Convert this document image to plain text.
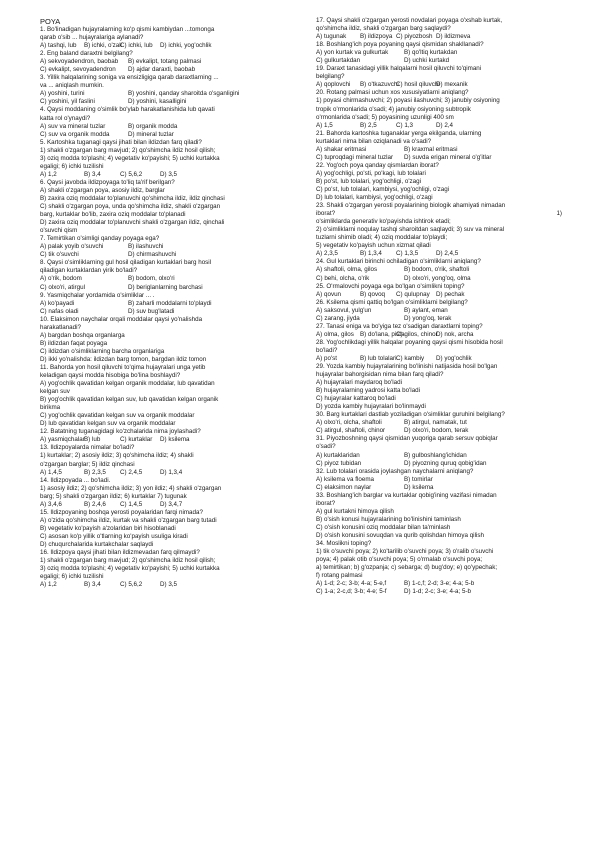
POYA
1. Bo'linadigan hujayralarning ko'p qismi kambiydan ...tomonga
qarab o'sib ... hujayralariga aylanadi?
A) tashqi, lub	B) ichki, o'zak
C) ichki, lub	D) ichki, yog'ochlik
2. Eng baland daraxtni belgilang?
A) sekvoyadendron, baobab	B) evkalipt, totang palmasi
C) evkalipt, sevoyadendron	D) ajdar daraxti, baobab
3. Yillik halqalarining soniga va ensizligiga qarab daraxtlarning ...
va ... aniqlash mumkin.
A) yoshini, turini	B) yoshini, qanday sharoitda o'sganligini
C) yoshini, yil faslini	D) yoshini, kasalligini
4. Qaysi moddaning o'simlik bo'ylab harakatlanishida lub qavati
katta rol o'ynaydi?
A) suv va mineral tuzlar	B) organik modda
C) suv va organik modda	D) mineral tuzlar
5. Kartoshka tuganagi qaysi jihati bilan ildizdan farq qiladi?
1) shakli o'zgargan barg mavjud; 2) qo'shimcha ildiz hosil qilish;
3) oziq modda to'plashi; 4) vegetativ ko'payishi; 5) uchki kurtakka
egaligi; 6) ichki tuzilishi
A) 1,2	B) 3,4	C) 5,6,2	D) 3,5
6. Qaysi javobda ildizpoyaga to'liq ta'rif berilgan?
A) shakli o'zgargan poya, asosiy ildiz, barglar
B) zaxira oziq moddalar to'planuvchi qo'shimcha ildiz, ildiz qinchasi
C) shakli o'zgargan poya, unda qo'shimcha ildiz, shakli o'zgargan
barg, kurtaklar bo'lib, zaxira oziq moddalar to'planadi
D) zaxira oziq moddalar to'planuvchi shakli o'zgargan ildiz, qinchali
o'suvchi qism
7. Temirtikan o'simligi qanday poyaga ega?
A) palak yoyib o'suvchi	B) ilashuvchi
C) tik o'suvchi	D) chirmashuvchi
8. Qaysi o'simliklarning gul hosil qiladigan kurtaklari barg hosil
qiladigan kurtaklardan yirik bo'ladi?
A) o'rik, bodom	B) bodom, olxo'ri
C) olxo'ri, atirgul	D) beriglanlarning barchasi
9. Yasmiqchalar yordamida o'simliklar ... .
A) ko'payadi	B) zaharli moddalarni to'playdi
C) nafas oladi	D) suv bug'latadi
10. Elaksimon naychalar orqali moddalar qaysi yo'nalishda
harakatlanadi?
A) bargdan boshqa organlarga
B) ildizdan faqat poyaga
C) ildizdan o'simliklarning barcha organlariga
D) ikki yo'nalishda: ildizdan barg tomon, bargdan ildiz tomon
11. Bahorda yon hosil qiluvchi to'qima hujayralari unga yetib
keladigan qaysi modda hisobiga bo'lina boshlaydi?
A) yog'ochlik qavatidan kelgan organik moddalar, lub qavatidan
kelgan suv
B) yog'ochlik qavatidan kelgan suv, lub qavatidan kelgan organik
birikma
C) yog'ochlik qavatidan kelgan suv va organik moddalar
D) lub qavatidan kelgan suv va organik moddalar
12. Batatning tuganagidagi ko'zchalarida nima joylashadi?
A) yasmiqchalar B) lub	C) kurtaklar	D) ksilema
13. Ildizpoyalarda nimalar bo'ladi?
1) kurtaklar; 2) asosiy ildiz; 3) qo'shimcha ildiz; 4) shakli
o'zgargan barglar; 5) ildiz qinchasi
A) 1,4,5	B) 2,3,5	C) 2,4,5	D) 1,3,4
14. Ildizpoyada ... bo'ladi.
1) asosiy ildiz; 2) qo'shimcha ildiz; 3) yon ildiz; 4) shakli o'zgargan
barg; 5) shakli o'zgargan ildiz; 6) kurtaklar 7) tugunak
A) 3,4,6	B) 2,4,6	C) 1,4,5	D) 3,4,7
15. Ildizpoyaning boshqa yerosti poyalaridan farqi nimada?
A) o'zida qo'shimcha ildiz, kurtak va shakli o'zgargan barg tutadi
B) vegetativ ko'payish a'zolaridan biri hisoblanadi
C) asosan ko'p yillik o'tlarning ko'payish usuliga kiradi
D) chuqurchalarida kurtakchalar saqlaydi
16. Ildizpoya qaysi jihati bilan ildizmevadan farq qilmaydi?
1) shakli o'zgargan barg mavjud; 2) qo'shimcha ildiz hosil qilish;
3) oziq modda to'plashi; 4) vegetativ ko'payishi; 5) uchki kurtakka
egaligi; 6) ichki tuzilishi
A) 1,2	B) 3,4	C) 5,6,2	D) 3,5
17. Qaysi shakli o'zgargan yerosti novdalari poyaga o'xshab kurtak,
qo'shimcha ildiz, shakli o'zgargan barg saqlaydi?
A) tugunak	B) ildizpoya C) piyozbosh D) ildizmeva
18. Boshlang'ich poya poyaning qaysi qismidan shakllanadi?
A) yon kurtak va gulkurtak	B) qo'ltiq kurtakdan
C) gulkurtakdan	D) uchki kurtakd
19. Daraxt tanasidagi yillik halqalarni hosil qiluvchi to'qimani
belgilang?
A) qoplovchi	B) o'tkazuvchi
C) hosil qiluvchi
D) mexanik
20. Rotang palmasi uchun xos xususiyatlarni aniqlang?
1) poyasi chirmashuvchi; 2) poyasi ilashuvchi; 3) janubiy osiyoning
tropik o'rmonlarida o'sadi; 4) janubiy osiyoning subtropik
o'rmonlarida o'sadi; 5) poyasining uzunligi 400 sm
A) 1,5	B) 2,5	C) 1,3	D) 2,4
21. Bahorda kartoshka tuganaklar yerga ekilganda, ularning
kurtaklari nima bilan oziqlanadi va o'sadi?
A) shakar eritmasi	B) kraxmal eritmasi
C) tuproqdagi mineral tuzlar	D) suvda erigan mineral o'g'itlar
22. Yog'och poya qanday qismlardan iborat?
A) yog'ochligi, po'sti, po'kagi, lub tolalari
B) po'st, lub tolalari, yog'ochligi, o'zagi
C) po'st, lub tolalari, kambiysi, yog'ochligi, o'zagi
D) lub tolalari, kambiysi, yog'ochligi, o'zagi
23. Shakli o'zgargan yerosti poyalarining biologik ahamiyati nimadan
iborat?	1)
o'simliklarda generativ ko'payishda ishtirok etadi;
2) o'simliklarni noqulay tashqi sharoitdan saqlaydi; 3) suv va mineral
tuzlarni shimib oladi; 4) oziq moddalar to'playdi;
5) vegetativ ko'payish uchun xizmat qiladi
A) 2,3,5	B) 1,3,4	C) 1,3,5	D) 2,4,5
24. Gul kurtaklari birinchi ochiladigan o'simliklarni aniqlang?
A) shaftoli, olma, gilos	B) bodom, o'rik, shaftoli
C) behi, olcha, o'rik	D) olxo'ri, yong'oq, olma
25. O'rmalovchi poyaga ega bo'lgan o'simlikni toping?
A) qovun	B) qovoq	C) qulupnay	D) pechak
26. Ksilema qismi qattiq bo'lgan o'simliklarni belgilang?
A) saksovul, yulg'un	B) aylant, eman
C) zarang, jiyda	D) yong'oq, terak
27. Tanasi eniga va bo'yiga tez o'sadigan daraxtlarni toping?
A) olma, gilos B) do'lana, pista
C) gilos, chinor
D) nok, archa
28. Yog'ochlikdagi yillik halqalar poyaning qaysi qismi hisobida hosil
bo'ladi?
A) po'st	B) lub tolalari C) kambiy	D) yog'ochlik
29. Yozda kambiy hujayralarining bo'linishi natijasida hosil bo'lgan
hujayralar bahorgisidan nima bilan farq qiladi?
A) hujayralari maydaroq bo'ladi
B) hujayralarning yadrosi katta bo'ladi
C) hujayralar kattaroq bo'ladi
D) yozda kambiy hujayralari bo'linmaydi
30. Barg kurtaklari dastlab yoziladigan o'simliklar guruhini belgilang?
A) olxo'ri, olcha, shaftoli	B) atirgul, namatak, tut
C) atirgul, shaftoli, chinor	D) olxo'ri, bodom, terak
31. Piyozboshning qaysi qismidan yuqoriga qarab sersuv qobiqlar
o'sadi?
A) kurtaklaridan	B) gulboshlang'ichidan
C) piyoz tubidan	D) piyozning quruq qobig'idan
32. Lub tolalari orasida joylashgan naychalarni aniqlang?
A) ksilema va floema	B) tomirlar
C) elaksimon naylar	D) ksilema
33. Boshlang'ich barglar va kurtaklar qobig'ining vazifasi nimadan
iborat?
A) gul kurtakni himoya qilish
B) o'sish konusi hujayralarining bo'linishini taminlash
C) o'sish konusini oziq moddalar bilan ta'minlash
D) o'sish konusini sovuqdan va qurib qolishdan himoya qilish
34. Moslikni toping?
1) tik o'suvchi poya; 2) ko'tarilib o'suvchi poya; 3) o'ralib o'suvchi
poya; 4) palak otib o'suvchi poya; 5) o'rmalab o'suvchi poya;
a) temirtikan; b) g'ozpanja; c) sebarga; d) bug'doy; e) qo'ypechak;
f) rotang palmasi
A) 1-d; 2-c; 3-b; 4-a; 5-e,f	B) 1-c,f; 2-d; 3-e; 4-a; 5-b
C) 1-a; 2-c,d; 3-b; 4-e; 5-f	D) 1-d; 2-c; 3-e; 4-a; 5-b
